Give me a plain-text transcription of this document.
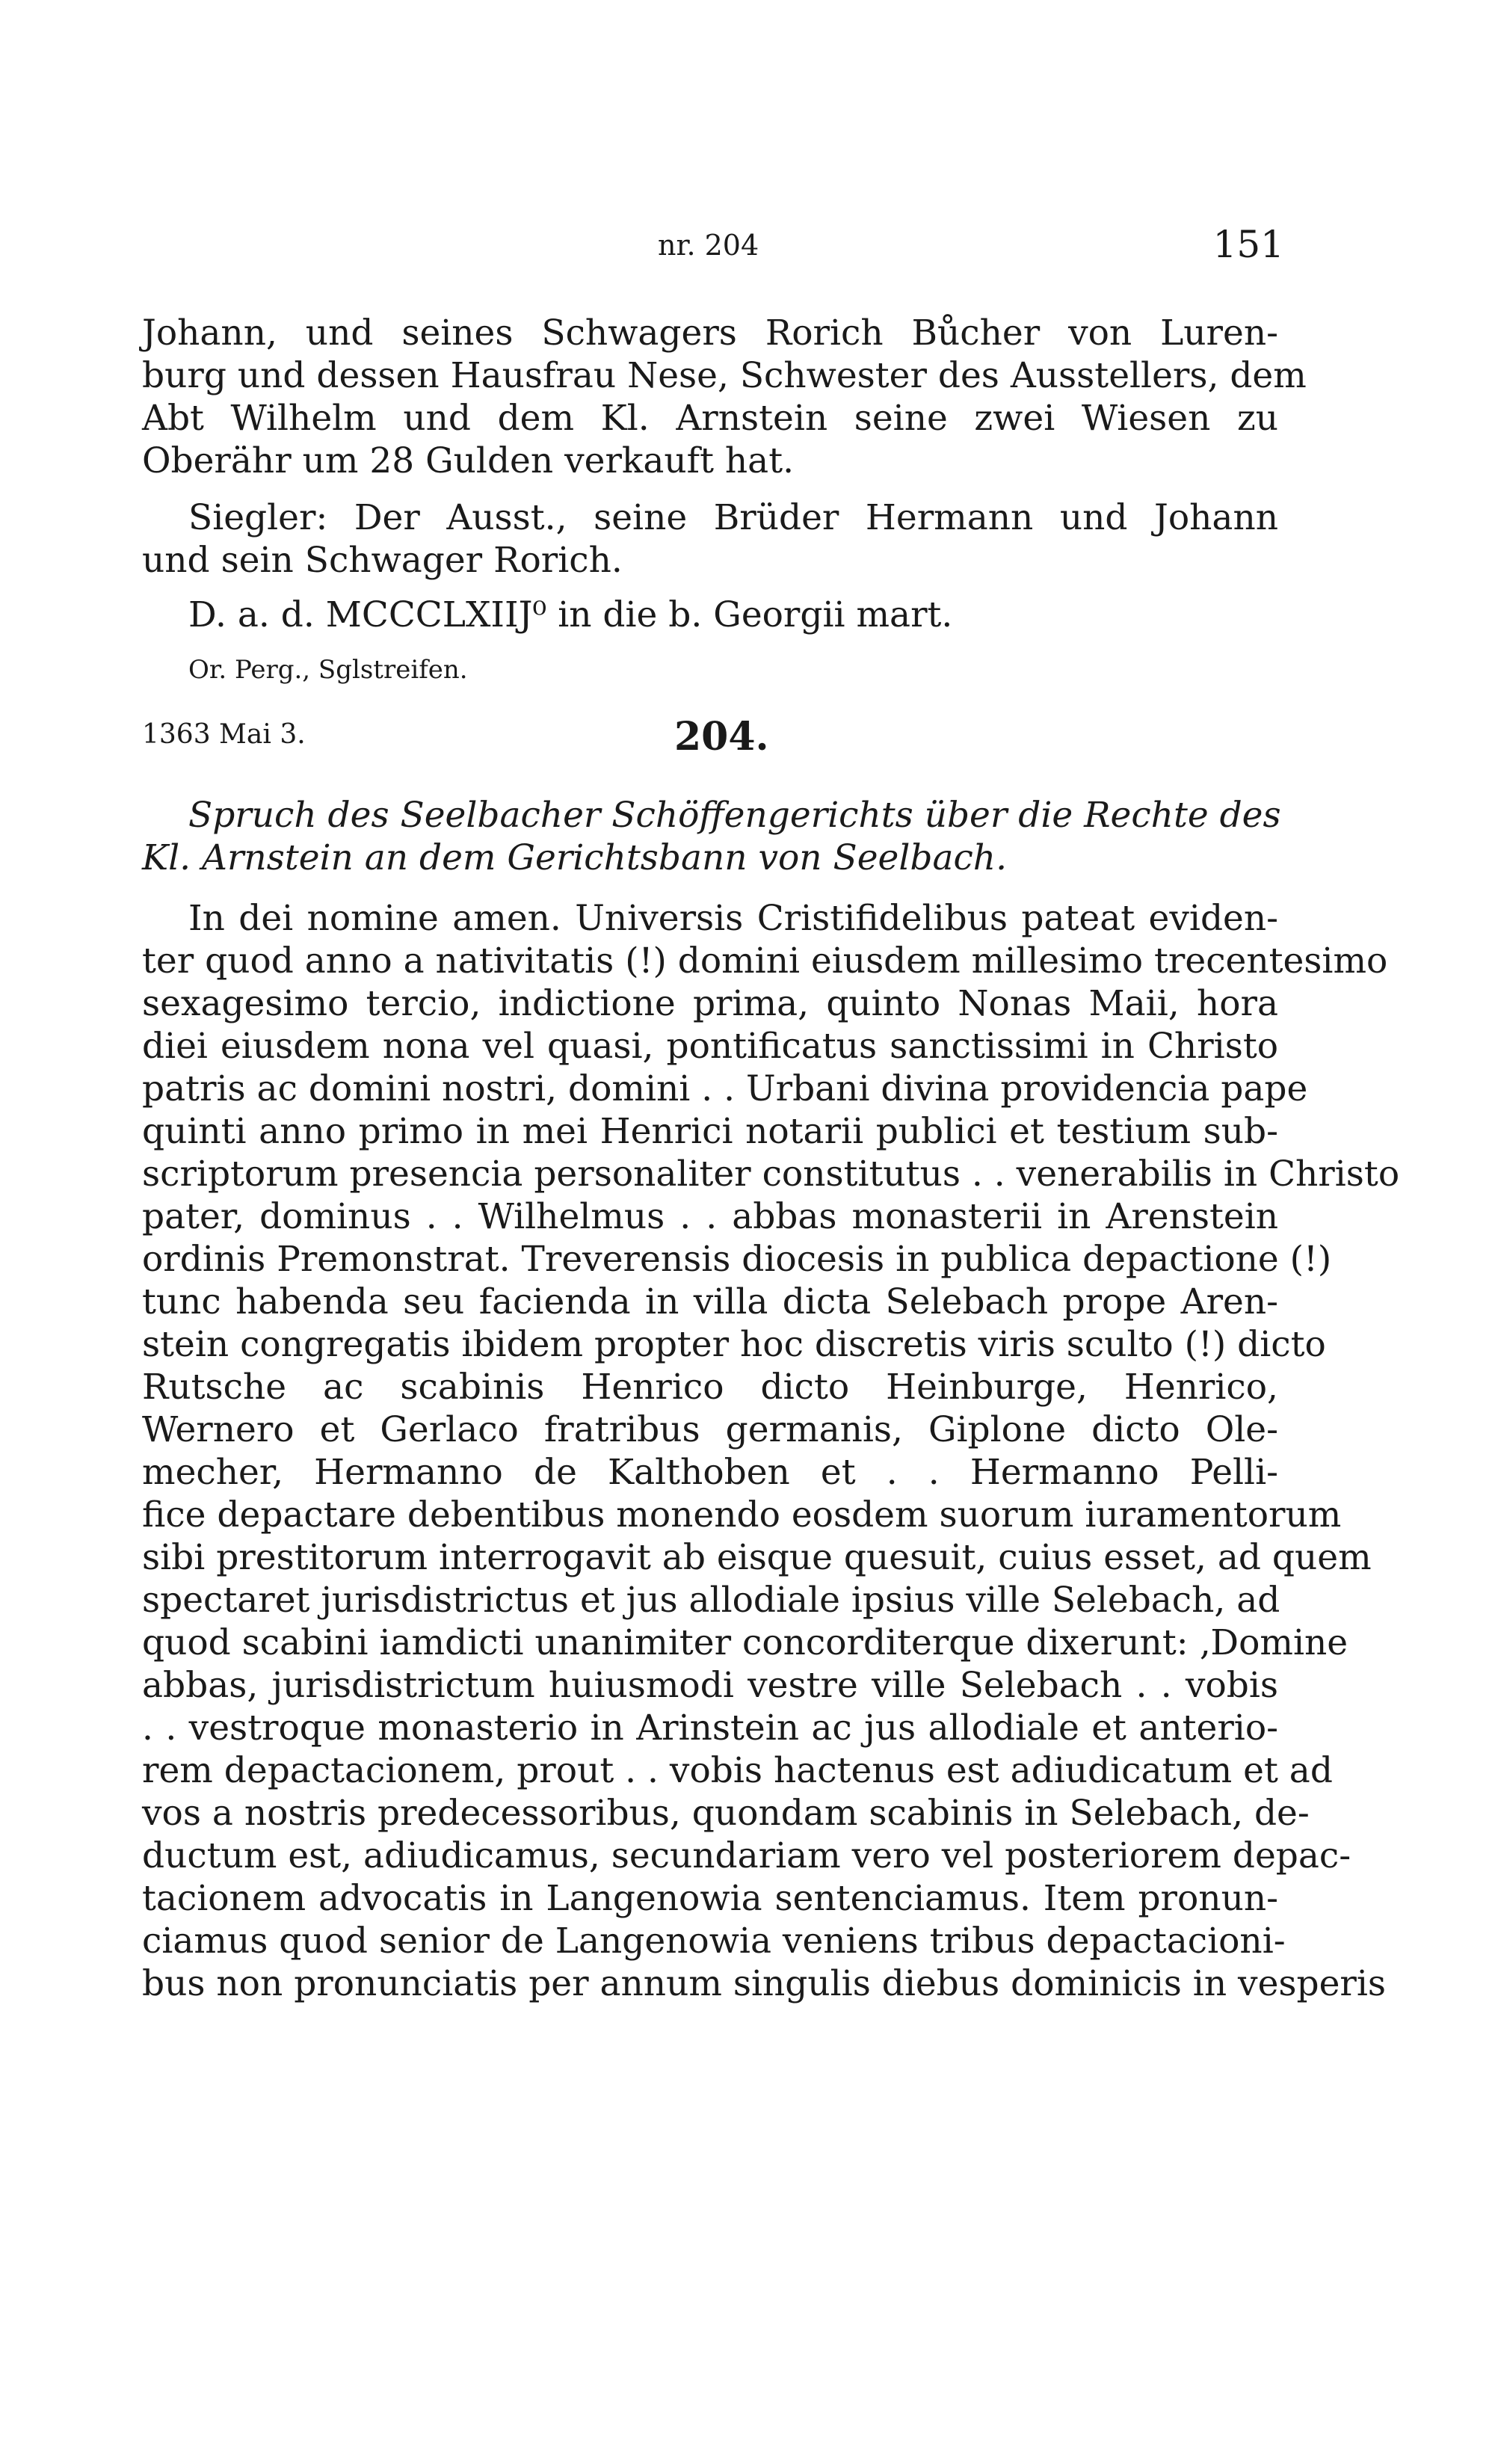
nr. 204	151
Johann, und seines Schwagers Rorich Bůcher von Luren-
burg und dessen Hausfrau Nese, Schwester des Ausstellers, dem
Abt Wilhelm und dem Kl. Arnstein seine zwei Wiesen zu
Oberähr um 28 Gulden verkauft hat.
Siegler: Der Ausst., seine Brüder Hermann und Johann
und sein Schwager Rorich.
D. a. d. MCCCLXIIJ⁰ in die b. Georgii mart.
Or. Perg., Sglstreifen.
1363 Mai 3.	204.
Spruch des Seelbacher Schöffengerichts über die Rechte des
Kl. Arnstein an dem Gerichtsbann von Seelbach.
In dei nomine amen. Universis Cristifidelibus pateat eviden-
ter quod anno a nativitatis (!) domini eiusdem millesimo trecentesimo
sexagesimo tercio, indictione prima, quinto Nonas Maii, hora
diei eiusdem nona vel quasi, pontificatus sanctissimi in Christo
patris ac domini nostri, domini . . Urbani divina providencia pape
quinti anno primo in mei Henrici notarii publici et testium sub-
scriptorum presencia personaliter constitutus . . venerabilis in Christo
pater, dominus . . Wilhelmus . . abbas monasterii in Arenstein
ordinis Premonstrat. Treverensis diocesis in publica depactione (!)
tunc habenda seu facienda in villa dicta Selebach prope Aren-
stein congregatis ibidem propter hoc discretis viris sculto (!) dicto
Rutsche ac scabinis Henrico dicto Heinburge, Henrico,
Wernero et Gerlaco fratribus germanis, Giplone dicto Ole-
mecher, Hermanno de Kalthoben et . . Hermanno Pelli-
fice depactare debentibus monendo eosdem suorum iuramentorum
sibi prestitorum interrogavit ab eisque quesuit, cuius esset, ad quem
spectaret jurisdistrictus et jus allodiale ipsius ville Selebach, ad
quod scabini iamdicti unanimiter concorditerque dixerunt: ‚Domine
abbas, jurisdistrictum huiusmodi vestre ville Selebach . . vobis
. . vestroque monasterio in Arinstein ac jus allodiale et anterio-
rem depactacionem, prout . . vobis hactenus est adiudicatum et ad
vos a nostris predecessoribus, quondam scabinis in Selebach, de-
ductum est, adiudicamus, secundariam vero vel posteriorem depac-
tacionem advocatis in Langenowia sentenciamus. Item pronun-
ciamus quod senior de Langenowia veniens tribus depactacioni-
bus non pronunciatis per annum singulis diebus dominicis in vesperis
